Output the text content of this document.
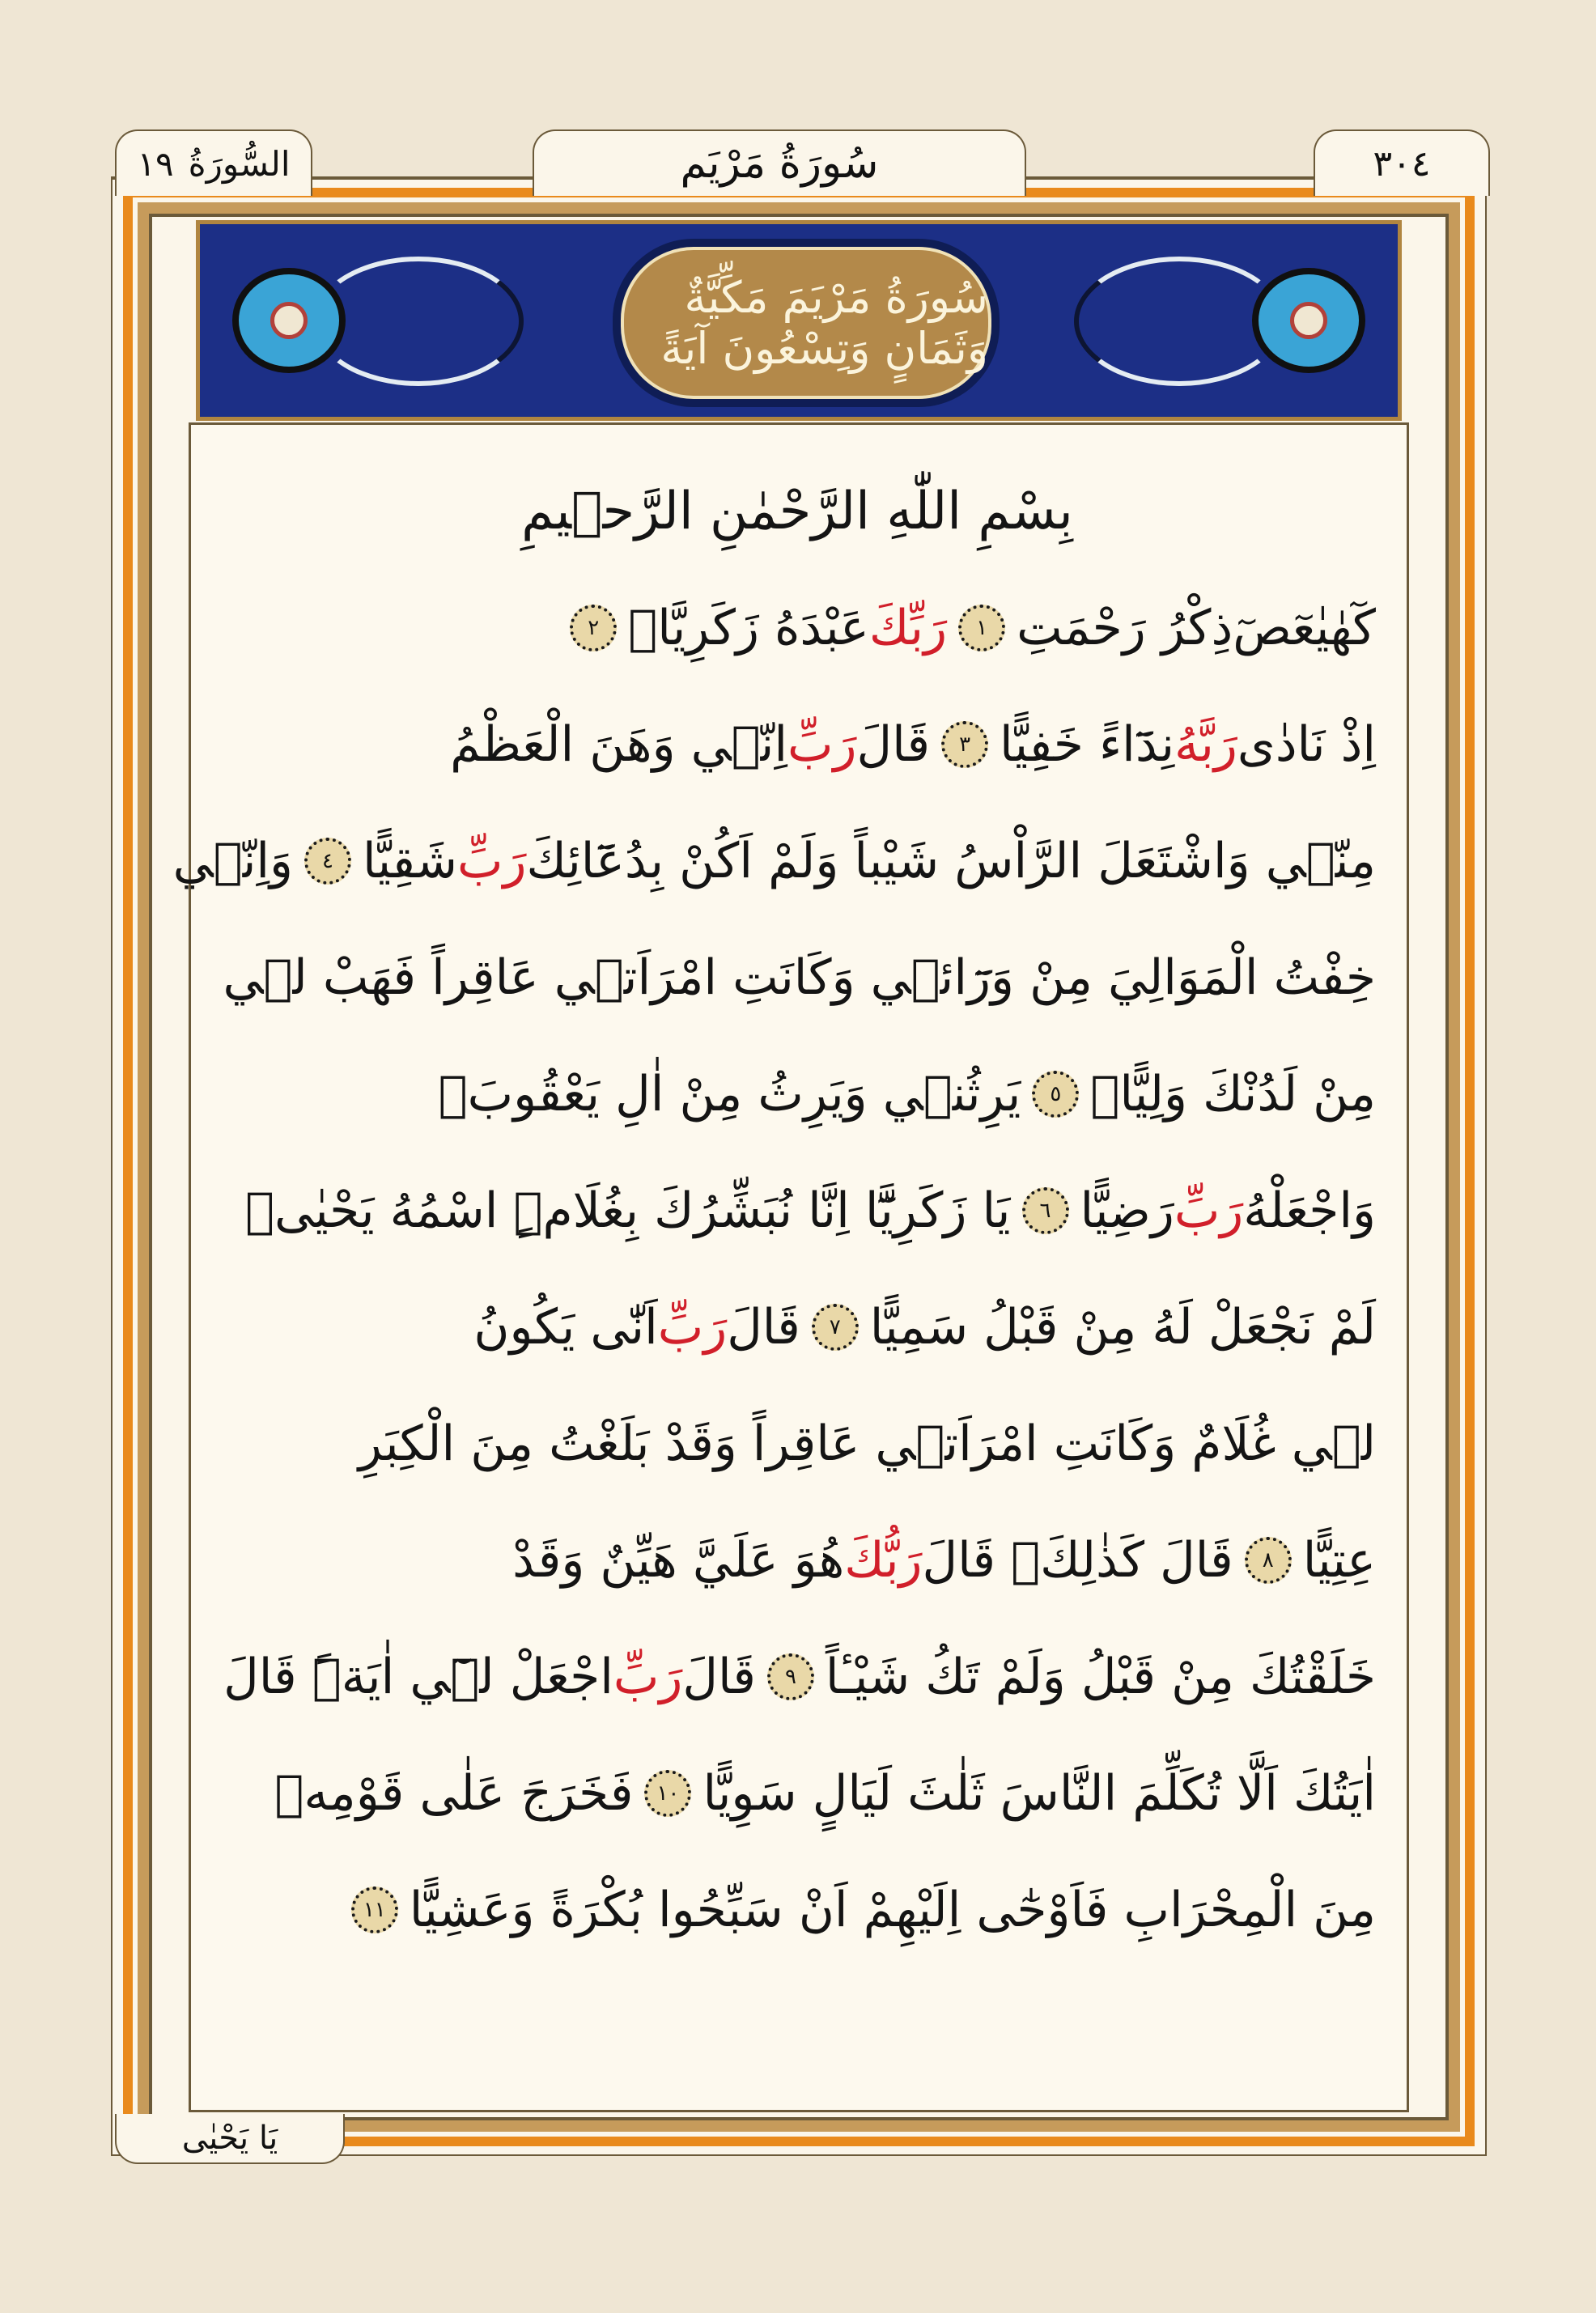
السُّورَةُ
١٩	سُورَةُ مَرْيَم	٣٠٤
سُورَةُ مَرْيَمَ مَكِّيَّةٌ وَثَمَانٍ وَتِسْعُونَ آيَةً
بِسْمِ اللّٰهِ الرَّحْمٰنِ الرَّح۪يمِ
كٓهٰيٰعٓصٓ
ذِكْرُ رَحْمَتِ
١
رَبِّكَ
عَبْدَهُ زَكَرِيَّاۚ
٢
اِذْ نَادٰى
رَبَّهُ
نِدَٓاءً خَفِيًّا
٣
قَالَ
رَبِّ
اِنّ۪ي وَهَنَ الْعَظْمُ
مِنّ۪ي وَاشْتَعَلَ الرَّاْسُ شَيْباً وَلَمْ اَكُنْ بِدُعَٓائِكَ
رَبِّ
شَقِيًّا
٤
وَاِنّ۪ي
خِفْتُ الْمَوَالِيَ مِنْ وَرَٓائ۪ي وَكَانَتِ امْرَاَت۪ي عَاقِراً فَهَبْ ل۪ي
مِنْ لَدُنْكَ وَلِيًّاۙ
٥
يَرِثُن۪ي وَيَرِثُ مِنْ اٰلِ يَعْقُوبَۗ
وَاجْعَلْهُ
رَبِّ
رَضِيًّا
٦
يَا زَكَرِيَّٓا اِنَّا نُبَشِّرُكَ بِغُلَامٍۨ اسْمُهُ يَحْيٰىۙ
لَمْ نَجْعَلْ لَهُ مِنْ قَبْلُ سَمِيًّا
٧
قَالَ
رَبِّ
اَنّٰى يَكُونُ
ل۪ي غُلَامٌ وَكَانَتِ امْرَاَت۪ي عَاقِراً وَقَدْ بَلَغْتُ مِنَ الْكِبَرِ
عِتِيًّا
٨
قَالَ كَذٰلِكَۚ قَالَ
رَبُّكَ
هُوَ عَلَيَّ هَيِّنٌ وَقَدْ
خَلَقْتُكَ مِنْ قَبْلُ وَلَمْ تَكُ شَيْـٔاً
٩
قَالَ
رَبِّ
اجْعَلْ ل۪ٓي اٰيَةًۜ قَالَ
اٰيَتُكَ اَلَّا تُكَلِّمَ النَّاسَ ثَلٰثَ لَيَالٍ سَوِيًّا
١٠
فَخَرَجَ عَلٰى قَوْمِه۪
مِنَ الْمِحْرَابِ فَاَوْحٰٓى اِلَيْهِمْ اَنْ سَبِّحُوا بُكْرَةً وَعَشِيًّا
١١
يَا يَحْيٰى
